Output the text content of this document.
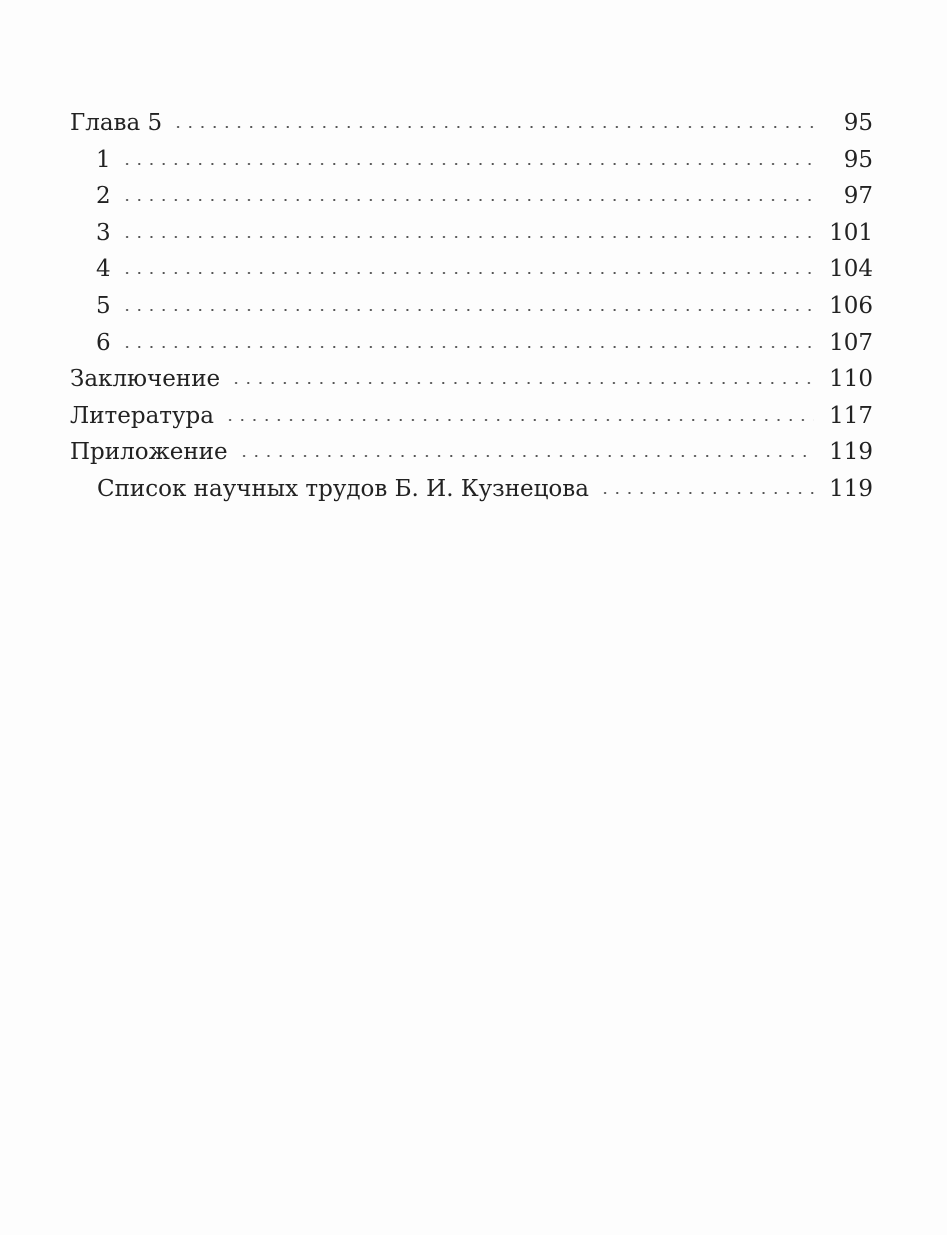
Глава 5	95
1	95
2	97
3	101
4	104
5	106
6	107
Заключение	110
Литература	117
Приложение	119
Список научных трудов Б. И. Кузнецова	119
